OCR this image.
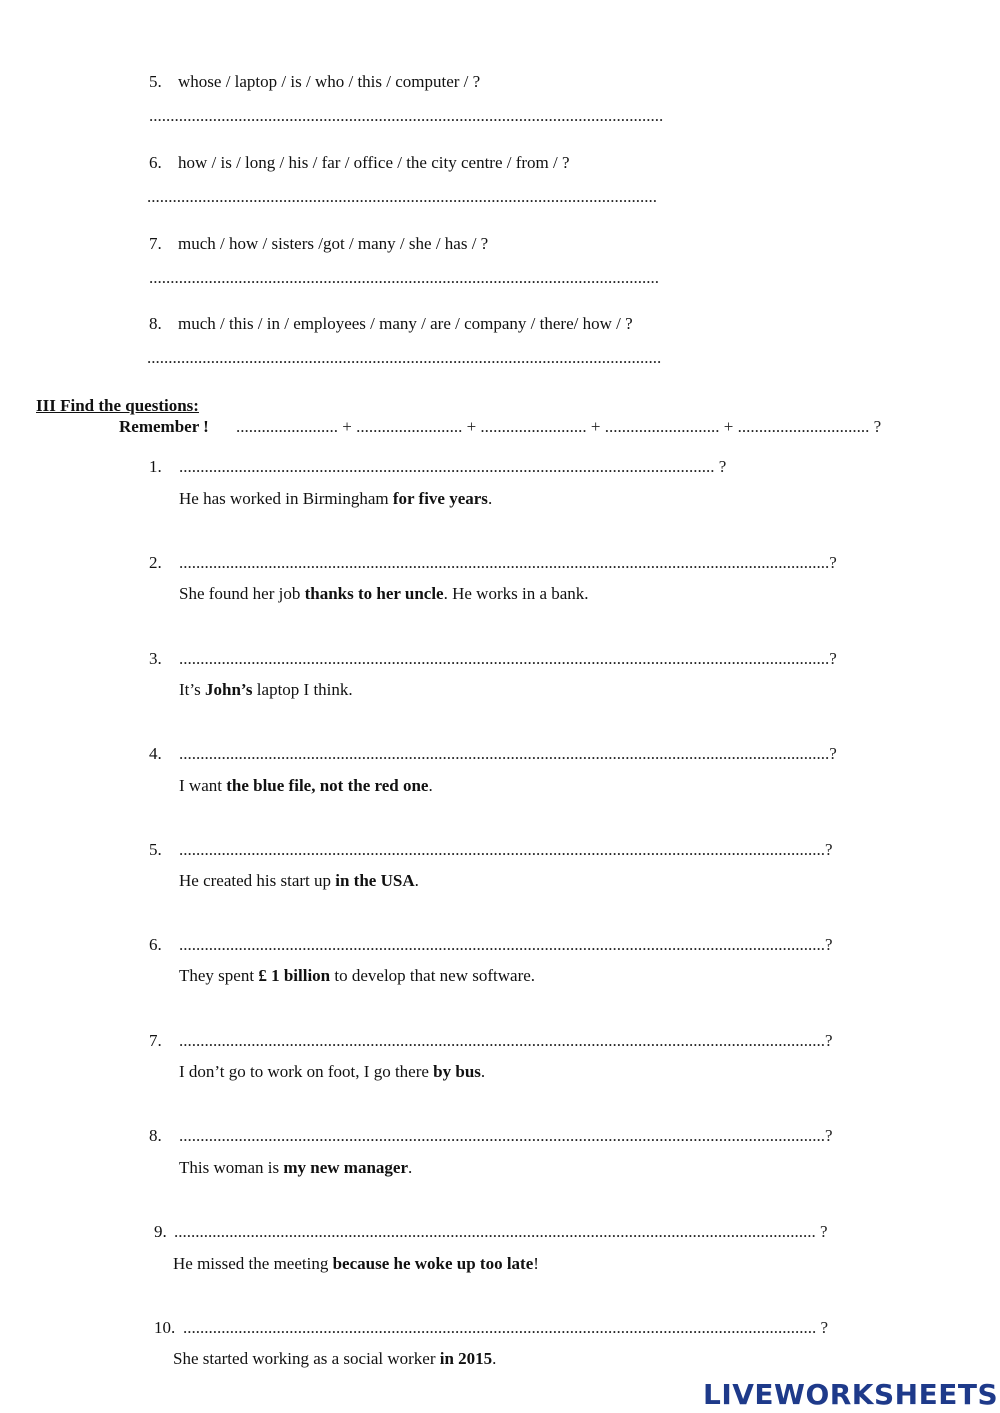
5. whose / laptop / is / who / this / computer / ?
.........................................................................................................................
6. how / is / long / his / far / office / the city centre / from / ?
........................................................................................................................
7. much / how / sisters /got / many / she / has / ?
........................................................................................................................
8. much / this / in / employees / many / are / company / there/ how / ?
.........................................................................................................................
III Find the questions:
Remember ! ........................ + ......................... + ......................... + ........................... + ............................... ?
1. .............................................................................................................................. ?
He has worked in Birmingham for five years.
2. .........................................................................................................................................................?
She found her job thanks to her uncle. He works in a bank.
3. .........................................................................................................................................................?
It’s John’s laptop I think.
4. .........................................................................................................................................................?
I want the blue file, not the red one.
5. ........................................................................................................................................................?
He created his start up in the USA.
6. ........................................................................................................................................................?
They spent £ 1 billion to develop that new software.
7. ........................................................................................................................................................?
I don’t go to work on foot, I go there by bus.
8. ........................................................................................................................................................?
This woman is my new manager.
9. ....................................................................................................................................................... ?
He missed the meeting because he woke up too late!
10. ..................................................................................................................................................... ?
She started working as a social worker in 2015.
LIVEWORKSHEETS
